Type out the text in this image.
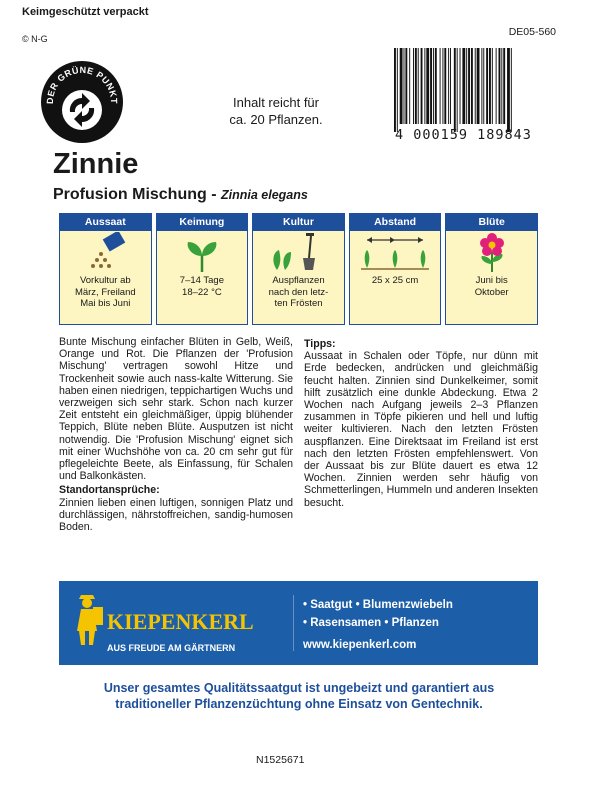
Keimgeschützt verpackt
© N-G
DE05-560
DER GRÜNE PUNKT	Inhalt reicht für
ca. 20 Pflanzen.
4 000159 189843
Zinnie
Profusion Mischung - Zinnia elegans
Aussaat
Vorkultur ab
März, Freiland
Mai bis Juni
Keimung
7–14 Tage
18–22 °C
Kultur
Auspflanzen
nach den letz-
ten Frösten
Abstand
25 x 25 cm
Blüte
Juni bis
Oktober

Bunte Mischung einfacher Blüten in Gelb, Weiß, Orange und Rot. Die Pflanzen der 'Profusion Mischung' vertragen sowohl Hitze und Trockenheit sowie auch nass-kalte Witterung. Sie haben einen niedrigen, teppichartigen Wuchs und verzweigen sich sehr stark. Schon nach kurzer Zeit entsteht ein gleichmäßiger, üppig blühender Teppich, Blüte neben Blüte. Ausputzen ist nicht notwendig. Die 'Profusion Mischung' eignet sich mit einer Wuchshöhe von ca. 20 cm sehr gut für pflegeleichte Beete, als Einfassung, für Schalen und Balkonkästen.

Standortansprüche:

Zinnien lieben einen luftigen, sonnigen Platz und durchlässigen, nährstoffreichen, sandig-humosen Boden.

Tipps:

Aussaat in Schalen oder Töpfe, nur dünn mit Erde bedecken, andrücken und gleichmäßig feucht halten. Zinnien sind Dunkelkeimer, somit hilft zusätzlich eine dunkle Abdeckung. Etwa 2 Wochen nach Aufgang jeweils 2–3 Pflanzen zusammen in Töpfe pikieren und hell und luftig weiter kultivieren. Nach den letzten Frösten auspflanzen. Eine Direktsaat im Freiland ist erst nach den letzten Frösten empfehlenswert. Von der Aussaat bis zur Blüte dauert es etwa 12 Wochen. Zinnien werden sehr häufig von Schmetterlingen, Hummeln und anderen Insekten besucht.

KIEPENKERL
AUS FREUDE AM GÄRTNERN
• Saatgut • Blumenzwiebeln
• Rasensamen • Pflanzen
www.kiepenkerl.com
Unser gesamtes Qualitätssaatgut ist ungebeizt und garantiert aus
traditioneller Pflanzenzüchtung ohne Einsatz von Gentechnik.
N1525671
